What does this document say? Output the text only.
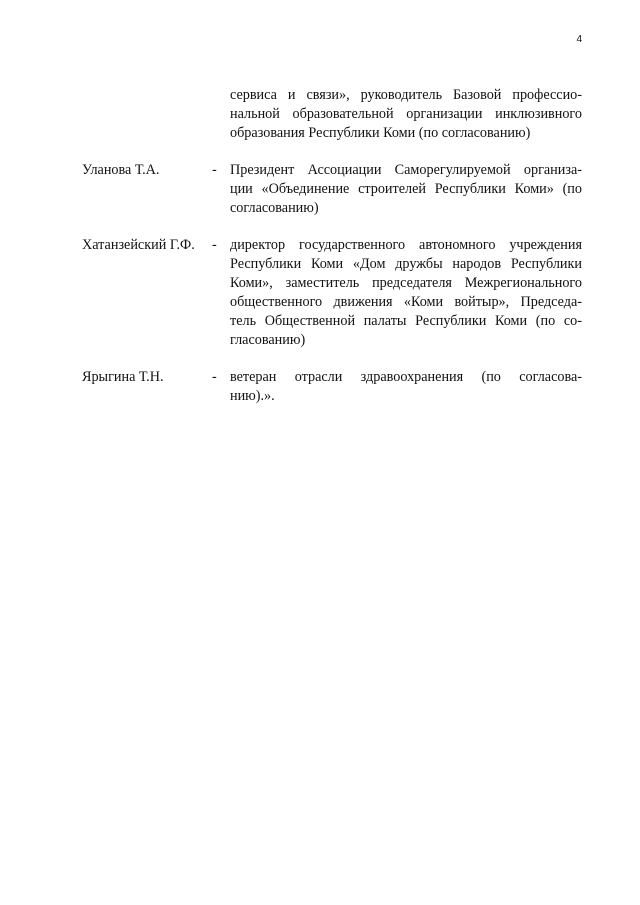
4
сервиса и связи», руководитель Базовой профессио-
нальной образовательной организации инклюзивного
образования Республики Коми (по согласованию)
Уланова Т.А.	- Президент Ассоциации Саморегулируемой организа-
ции «Объединение строителей Республики Коми» (по
согласованию)
Хатанзейский Г.Ф.	- директор государственного автономного учреждения
Республики Коми «Дом дружбы народов Республики
Коми», заместитель председателя Межрегионального
общественного движения «Коми войтыр», Председа-
тель Общественной палаты Республики Коми (по со-
гласованию)
Ярыгина Т.Н.	- ветеран отрасли здравоохранения (по согласова-
нию).».
